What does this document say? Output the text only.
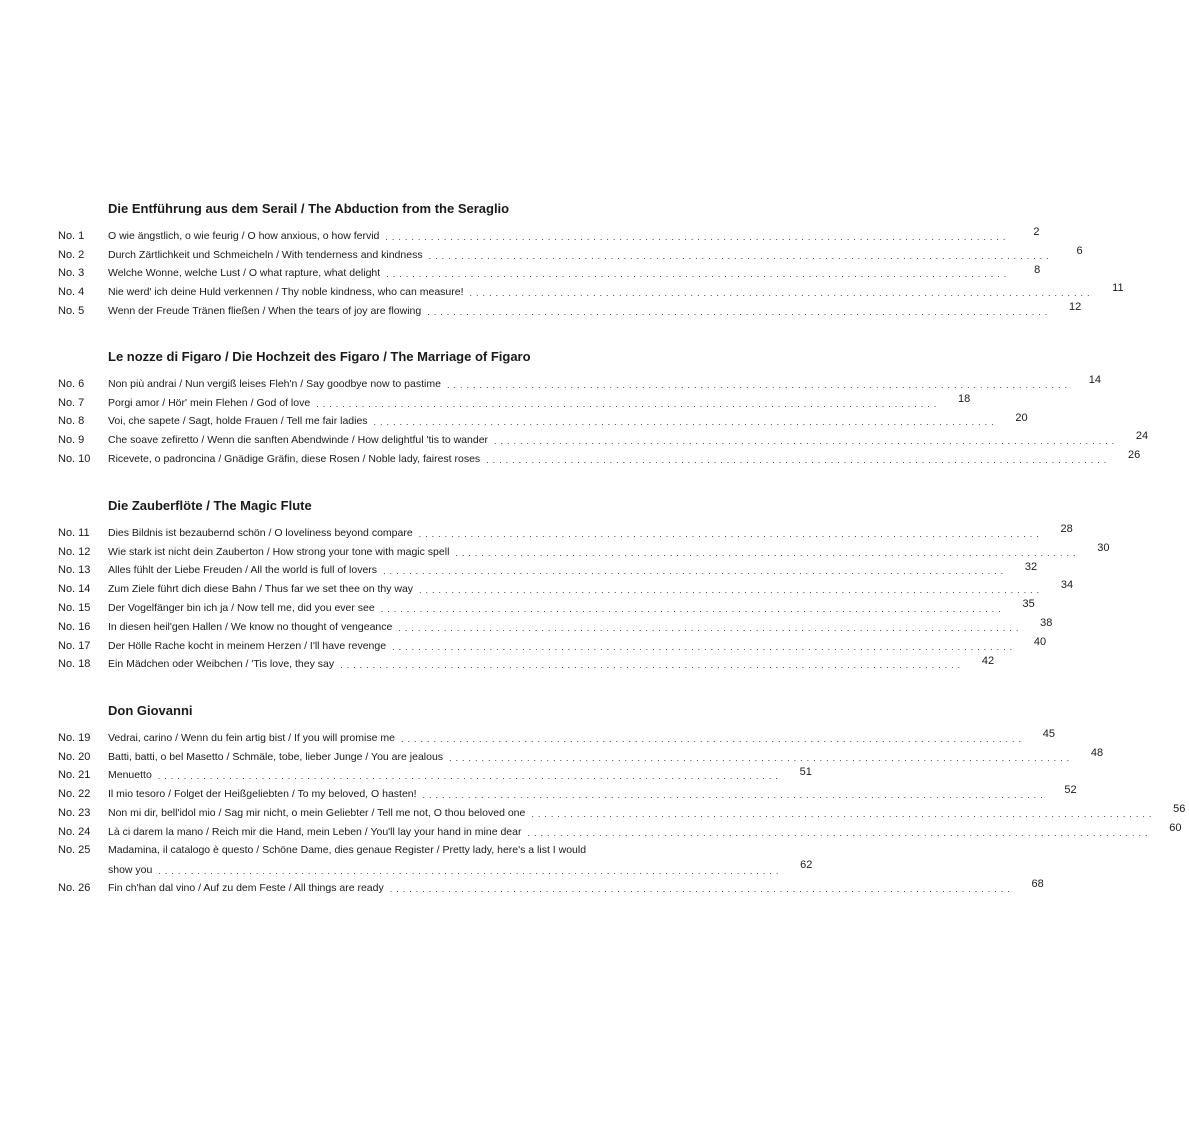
Die Entführung aus dem Serail / The Abduction from the Seraglio
No. 1	O wie ängstlich, o wie feurig / O how anxious, o how fervid ................................................................................................	2
No. 2	Durch Zärtlichkeit und Schmeicheln / With tenderness and kindness ................................................................................................	6
No. 3	Welche Wonne, welche Lust / O what rapture, what delight ................................................................................................	8
No. 4	Nie werd' ich deine Huld verkennen / Thy noble kindness, who can measure! ................................................................................................	11
No. 5	Wenn der Freude Tränen fließen / When the tears of joy are flowing ................................................................................................	12
Le nozze di Figaro / Die Hochzeit des Figaro / The Marriage of Figaro
No. 6	Non più andrai / Nun vergiß leises Fleh'n / Say goodbye now to pastime ................................................................................................	14
No. 7	Porgi amor / Hör' mein Flehen / God of love ................................................................................................	18
No. 8	Voi, che sapete / Sagt, holde Frauen / Tell me fair ladies ................................................................................................	20
No. 9	Che soave zefiretto / Wenn die sanften Abendwinde / How delightful 'tis to wander ................................................................................................	24
No. 10	Ricevete, o padroncina / Gnädige Gräfin, diese Rosen / Noble lady, fairest roses ................................................................................................	26
Die Zauberflöte / The Magic Flute
No. 11	Dies Bildnis ist bezaubernd schön / O loveliness beyond compare ................................................................................................	28
No. 12	Wie stark ist nicht dein Zauberton / How strong your tone with magic spell ................................................................................................	30
No. 13	Alles fühlt der Liebe Freuden / All the world is full of lovers ................................................................................................	32
No. 14	Zum Ziele führt dich diese Bahn / Thus far we set thee on thy way ................................................................................................	34
No. 15	Der Vogelfänger bin ich ja / Now tell me, did you ever see ................................................................................................	35
No. 16	In diesen heil'gen Hallen / We know no thought of vengeance ................................................................................................	38
No. 17	Der Hölle Rache kocht in meinem Herzen / I'll have revenge ................................................................................................	40
No. 18	Ein Mädchen oder Weibchen / 'Tis love, they say ................................................................................................	42
Don Giovanni
No. 19	Vedrai, carino / Wenn du fein artig bist / If you will promise me ................................................................................................	45
No. 20	Batti, batti, o bel Masetto / Schmäle, tobe, lieber Junge / You are jealous ................................................................................................	48
No. 21	Menuetto ................................................................................................	51
No. 22	Il mio tesoro / Folget der Heißgeliebten / To my beloved, O hasten! ................................................................................................	52
No. 23	Non mi dir, bell'idol mio / Sag mir nicht, o mein Geliebter / Tell me not, O thou beloved one ................................................................................................	56
No. 24	Là ci darem la mano / Reich mir die Hand, mein Leben / You'll lay your hand in mine dear ................................................................................................	60
No. 25	Madamina, il catalogo è questo / Schöne Dame, dies genaue Register / Pretty lady, here's a list I would
show you ................................................................................................	62
No. 26	Fin ch'han dal vino / Auf zu dem Feste / All things are ready ................................................................................................	68
